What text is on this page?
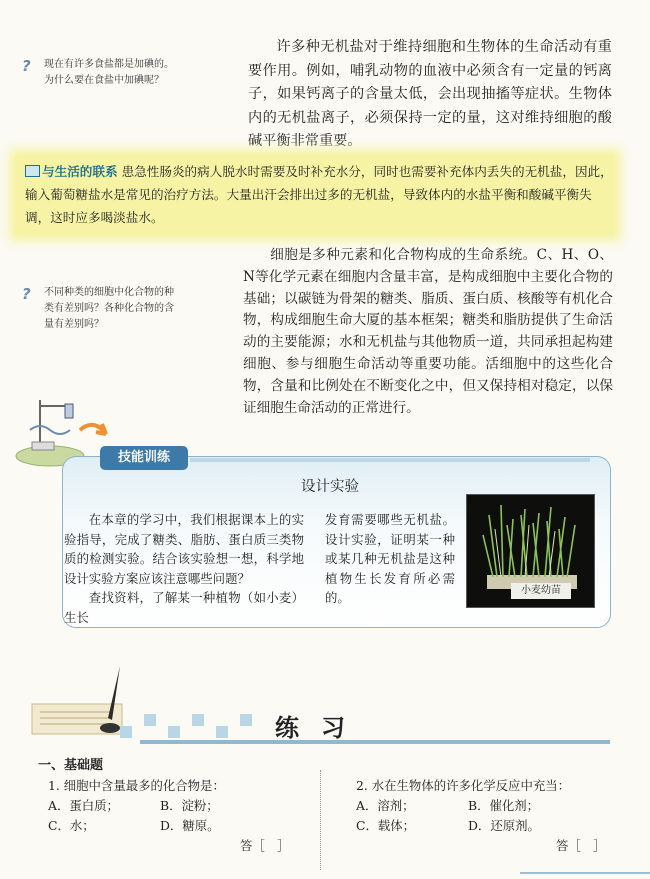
?	现在有许多食盐都是加碘的。
为什么要在食盐中加碘呢？
许多种无机盐对于维持细胞和生物体的生命活动有重要作用。例如，哺乳动物的血液中必须含有一定量的钙离子，如果钙离子的含量太低，会出现抽搐等症状。生物体内的无机盐离子，必须保持一定的量，这对维持细胞的酸碱平衡非常重要。
与生活的联系 患急性肠炎的病人脱水时需要及时补充水分，同时也需要补充体内丢失的无机盐，因此，输入葡萄糖盐水是常见的治疗方法。大量出汗会排出过多的无机盐，导致体内的水盐平衡和酸碱平衡失调，这时应多喝淡盐水。
?	不同种类的细胞中化合物的种
类有差别吗？各种化合物的含
量有差别吗？
细胞是多种元素和化合物构成的生命系统。C、H、O、N等化学元素在细胞内含量丰富，是构成细胞中主要化合物的基础；以碳链为骨架的糖类、脂质、蛋白质、核酸等有机化合物，构成细胞生命大厦的基本框架；糖类和脂肪提供了生命活动的主要能源；水和无机盐与其他物质一道，共同承担起构建细胞、参与细胞生命活动等重要功能。活细胞中的这些化合物，含量和比例处在不断变化之中，但又保持相对稳定，以保证细胞生命活动的正常进行。
技能训练
设计实验
在本章的学习中，我们根据课本上的实验指导，完成了糖类、脂肪、蛋白质三类物质的检测实验。结合该实验想一想，科学地设计实验方案应该注意哪些问题？
查找资料，了解某一种植物（如小麦）生长
发育需要哪些无机盐。设计实验，证明某一种或某几种无机盐是这种植物生长发育所必需的。	小麦幼苗
练习
一、基础题
1. 细胞中含量最多的化合物是：
A．蛋白质；	B．淀粉；
C．水；	D．糖原。
答［　］
2. 水在生物体的许多化学反应中充当：
A．溶剂；	B．催化剂；
C．载体；	D．还原剂。
答［　］
